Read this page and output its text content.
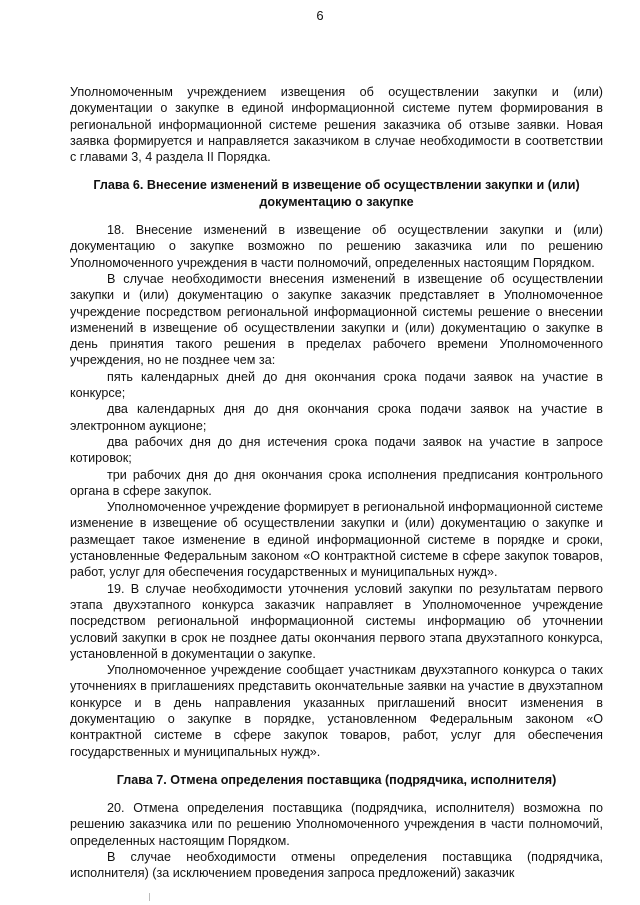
6

Уполномоченным учреждением извещения об осуществлении закупки и (или) документации о закупке в единой информационной системе путем формирования в региональной информационной системе решения заказчика об отзыве заявки. Новая заявка формируется и направляется заказчиком в случае необходимости в соответствии с главами 3, 4 раздела II Порядка.

Глава 6. Внесение изменений в извещение об осуществлении закупки и (или) документацию о закупке

18. Внесение изменений в извещение об осуществлении закупки и (или) документацию о закупке возможно по решению заказчика или по решению Уполномоченного учреждения в части полномочий, определенных настоящим Порядком.

В случае необходимости внесения изменений в извещение об осуществлении закупки и (или) документацию о закупке заказчик представляет в Уполномоченное учреждение посредством региональной информационной системы решение о внесении изменений в извещение об осуществлении закупки и (или) документацию о закупке в день принятия такого решения в пределах рабочего времени Уполномоченного учреждения, но не позднее чем за:

пять календарных дней до дня окончания срока подачи заявок на участие в конкурсе;

два календарных дня до дня окончания срока подачи заявок на участие в электронном аукционе;

два рабочих дня до дня истечения срока подачи заявок на участие в запросе котировок;

три рабочих дня до дня окончания срока исполнения предписания контрольного органа в сфере закупок.

Уполномоченное учреждение формирует в региональной информационной системе изменение в извещение об осуществлении закупки и (или) документацию о закупке и размещает такое изменение в единой информационной системе в порядке и сроки, установленные Федеральным законом «О контрактной системе в сфере закупок товаров, работ, услуг для обеспечения государственных и муниципальных нужд».

19. В случае необходимости уточнения условий закупки по результатам первого этапа двухэтапного конкурса заказчик направляет в Уполномоченное учреждение посредством региональной информационной системы информацию об уточнении условий закупки в срок не позднее даты окончания первого этапа двухэтапного конкурса, установленной в документации о закупке.

Уполномоченное учреждение сообщает участникам двухэтапного конкурса о таких уточнениях в приглашениях представить окончательные заявки на участие в двухэтапном конкурсе и в день направления указанных приглашений вносит изменения в документацию о закупке в порядке, установленном Федеральным законом «О контрактной системе в сфере закупок товаров, работ, услуг для обеспечения государственных и муниципальных нужд».

Глава 7. Отмена определения поставщика (подрядчика, исполнителя)

20. Отмена определения поставщика (подрядчика, исполнителя) возможна по решению заказчика или по решению Уполномоченного учреждения в части полномочий, определенных настоящим Порядком.

В случае необходимости отмены определения поставщика (подрядчика, исполнителя) (за исключением проведения запроса предложений) заказчик
